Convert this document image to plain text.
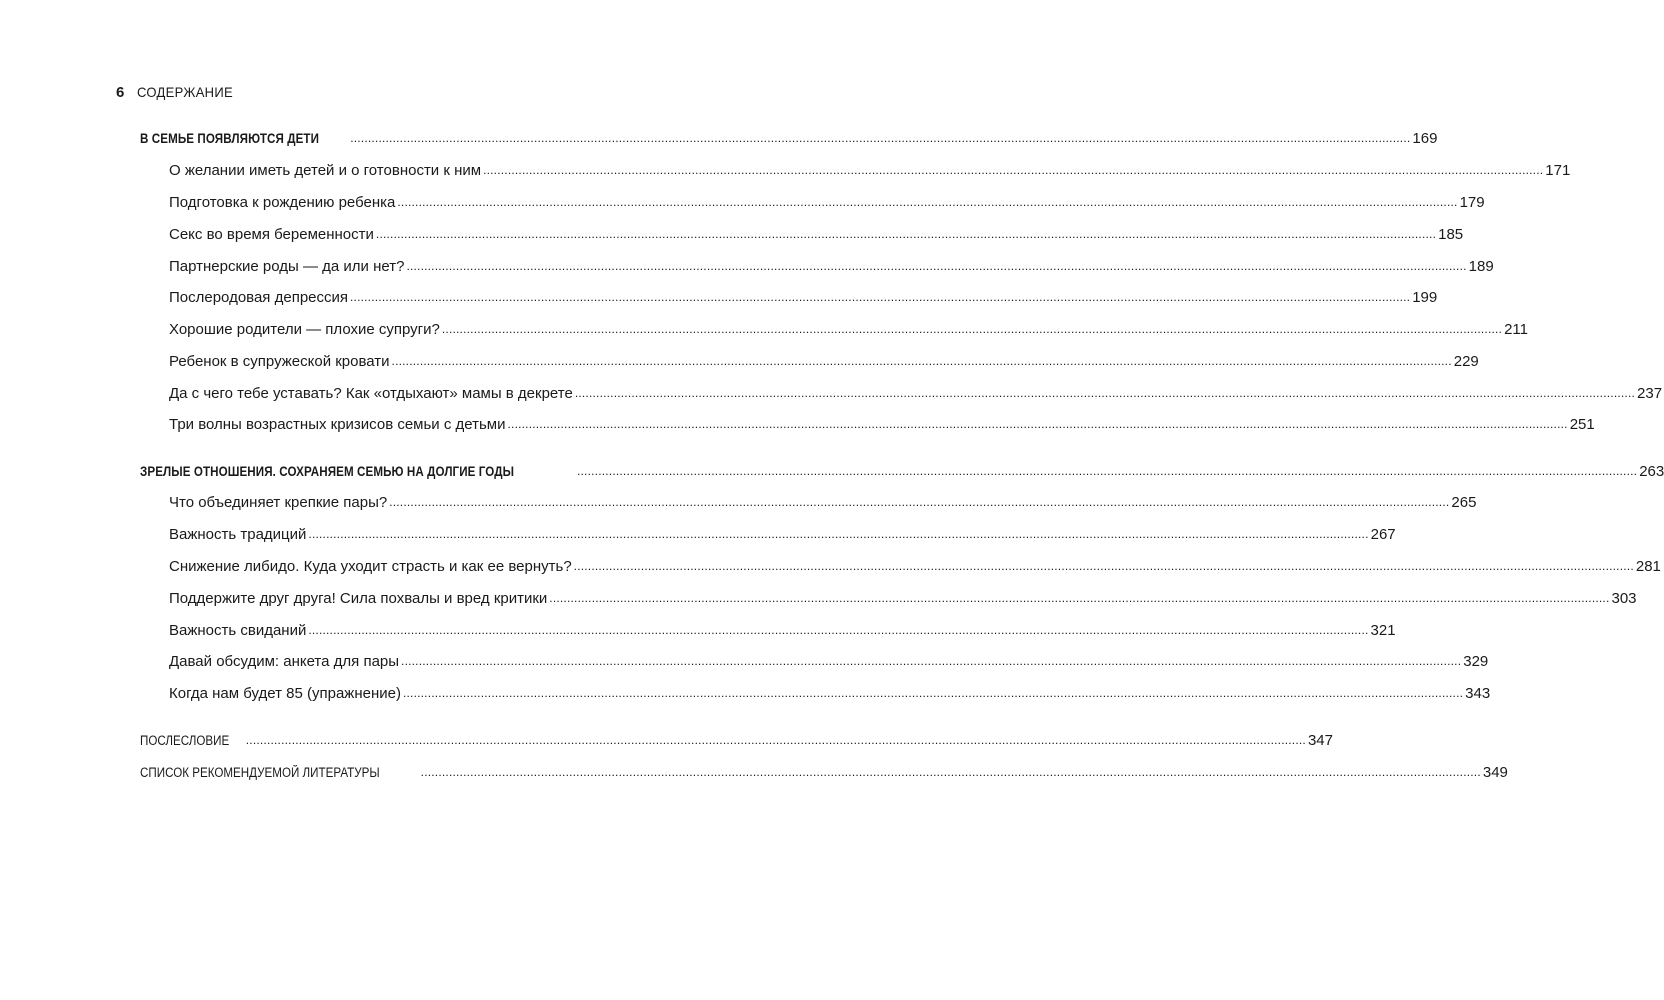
6 СОДЕРЖАНИЕ
В СЕМЬЕ ПОЯВЛЯЮТСЯ ДЕТИ	............................................................................................................................................................................................................................................................................................................ 169
О желании иметь детей и о готовности к ним ............................................................................................................................................................................................................................................................................................................ 171
Подготовка к рождению ребенка ............................................................................................................................................................................................................................................................................................................ 179
Секс во время беременности ............................................................................................................................................................................................................................................................................................................ 185
Партнерские роды — да или нет? ............................................................................................................................................................................................................................................................................................................ 189
Послеродовая депрессия ............................................................................................................................................................................................................................................................................................................ 199
Хорошие родители — плохие супруги? ............................................................................................................................................................................................................................................................................................................ 211
Ребенок в супружеской кровати ............................................................................................................................................................................................................................................................................................................ 229
Да с чего тебе уставать? Как «отдыхают» мамы в декрете ............................................................................................................................................................................................................................................................................................................ 237
Три волны возрастных кризисов семьи с детьми ............................................................................................................................................................................................................................................................................................................ 251
ЗРЕЛЫЕ ОТНОШЕНИЯ. СОХРАНЯЕМ СЕМЬЮ НА ДОЛГИЕ ГОДЫ	............................................................................................................................................................................................................................................................................................................ 263
Что объединяет крепкие пары? ............................................................................................................................................................................................................................................................................................................ 265
Важность традиций ............................................................................................................................................................................................................................................................................................................ 267
Снижение либидо. Куда уходит страсть и как ее вернуть? ............................................................................................................................................................................................................................................................................................................ 281
Поддержите друг друга! Сила похвалы и вред критики ............................................................................................................................................................................................................................................................................................................ 303
Важность свиданий ............................................................................................................................................................................................................................................................................................................ 321
Давай обсудим: анкета для пары ............................................................................................................................................................................................................................................................................................................ 329
Когда нам будет 85 (упражнение) ............................................................................................................................................................................................................................................................................................................ 343
ПОСЛЕСЛОВИЕ	............................................................................................................................................................................................................................................................................................................ 347
СПИСОК РЕКОМЕНДУЕМОЙ ЛИТЕРАТУРЫ	............................................................................................................................................................................................................................................................................................................ 349
